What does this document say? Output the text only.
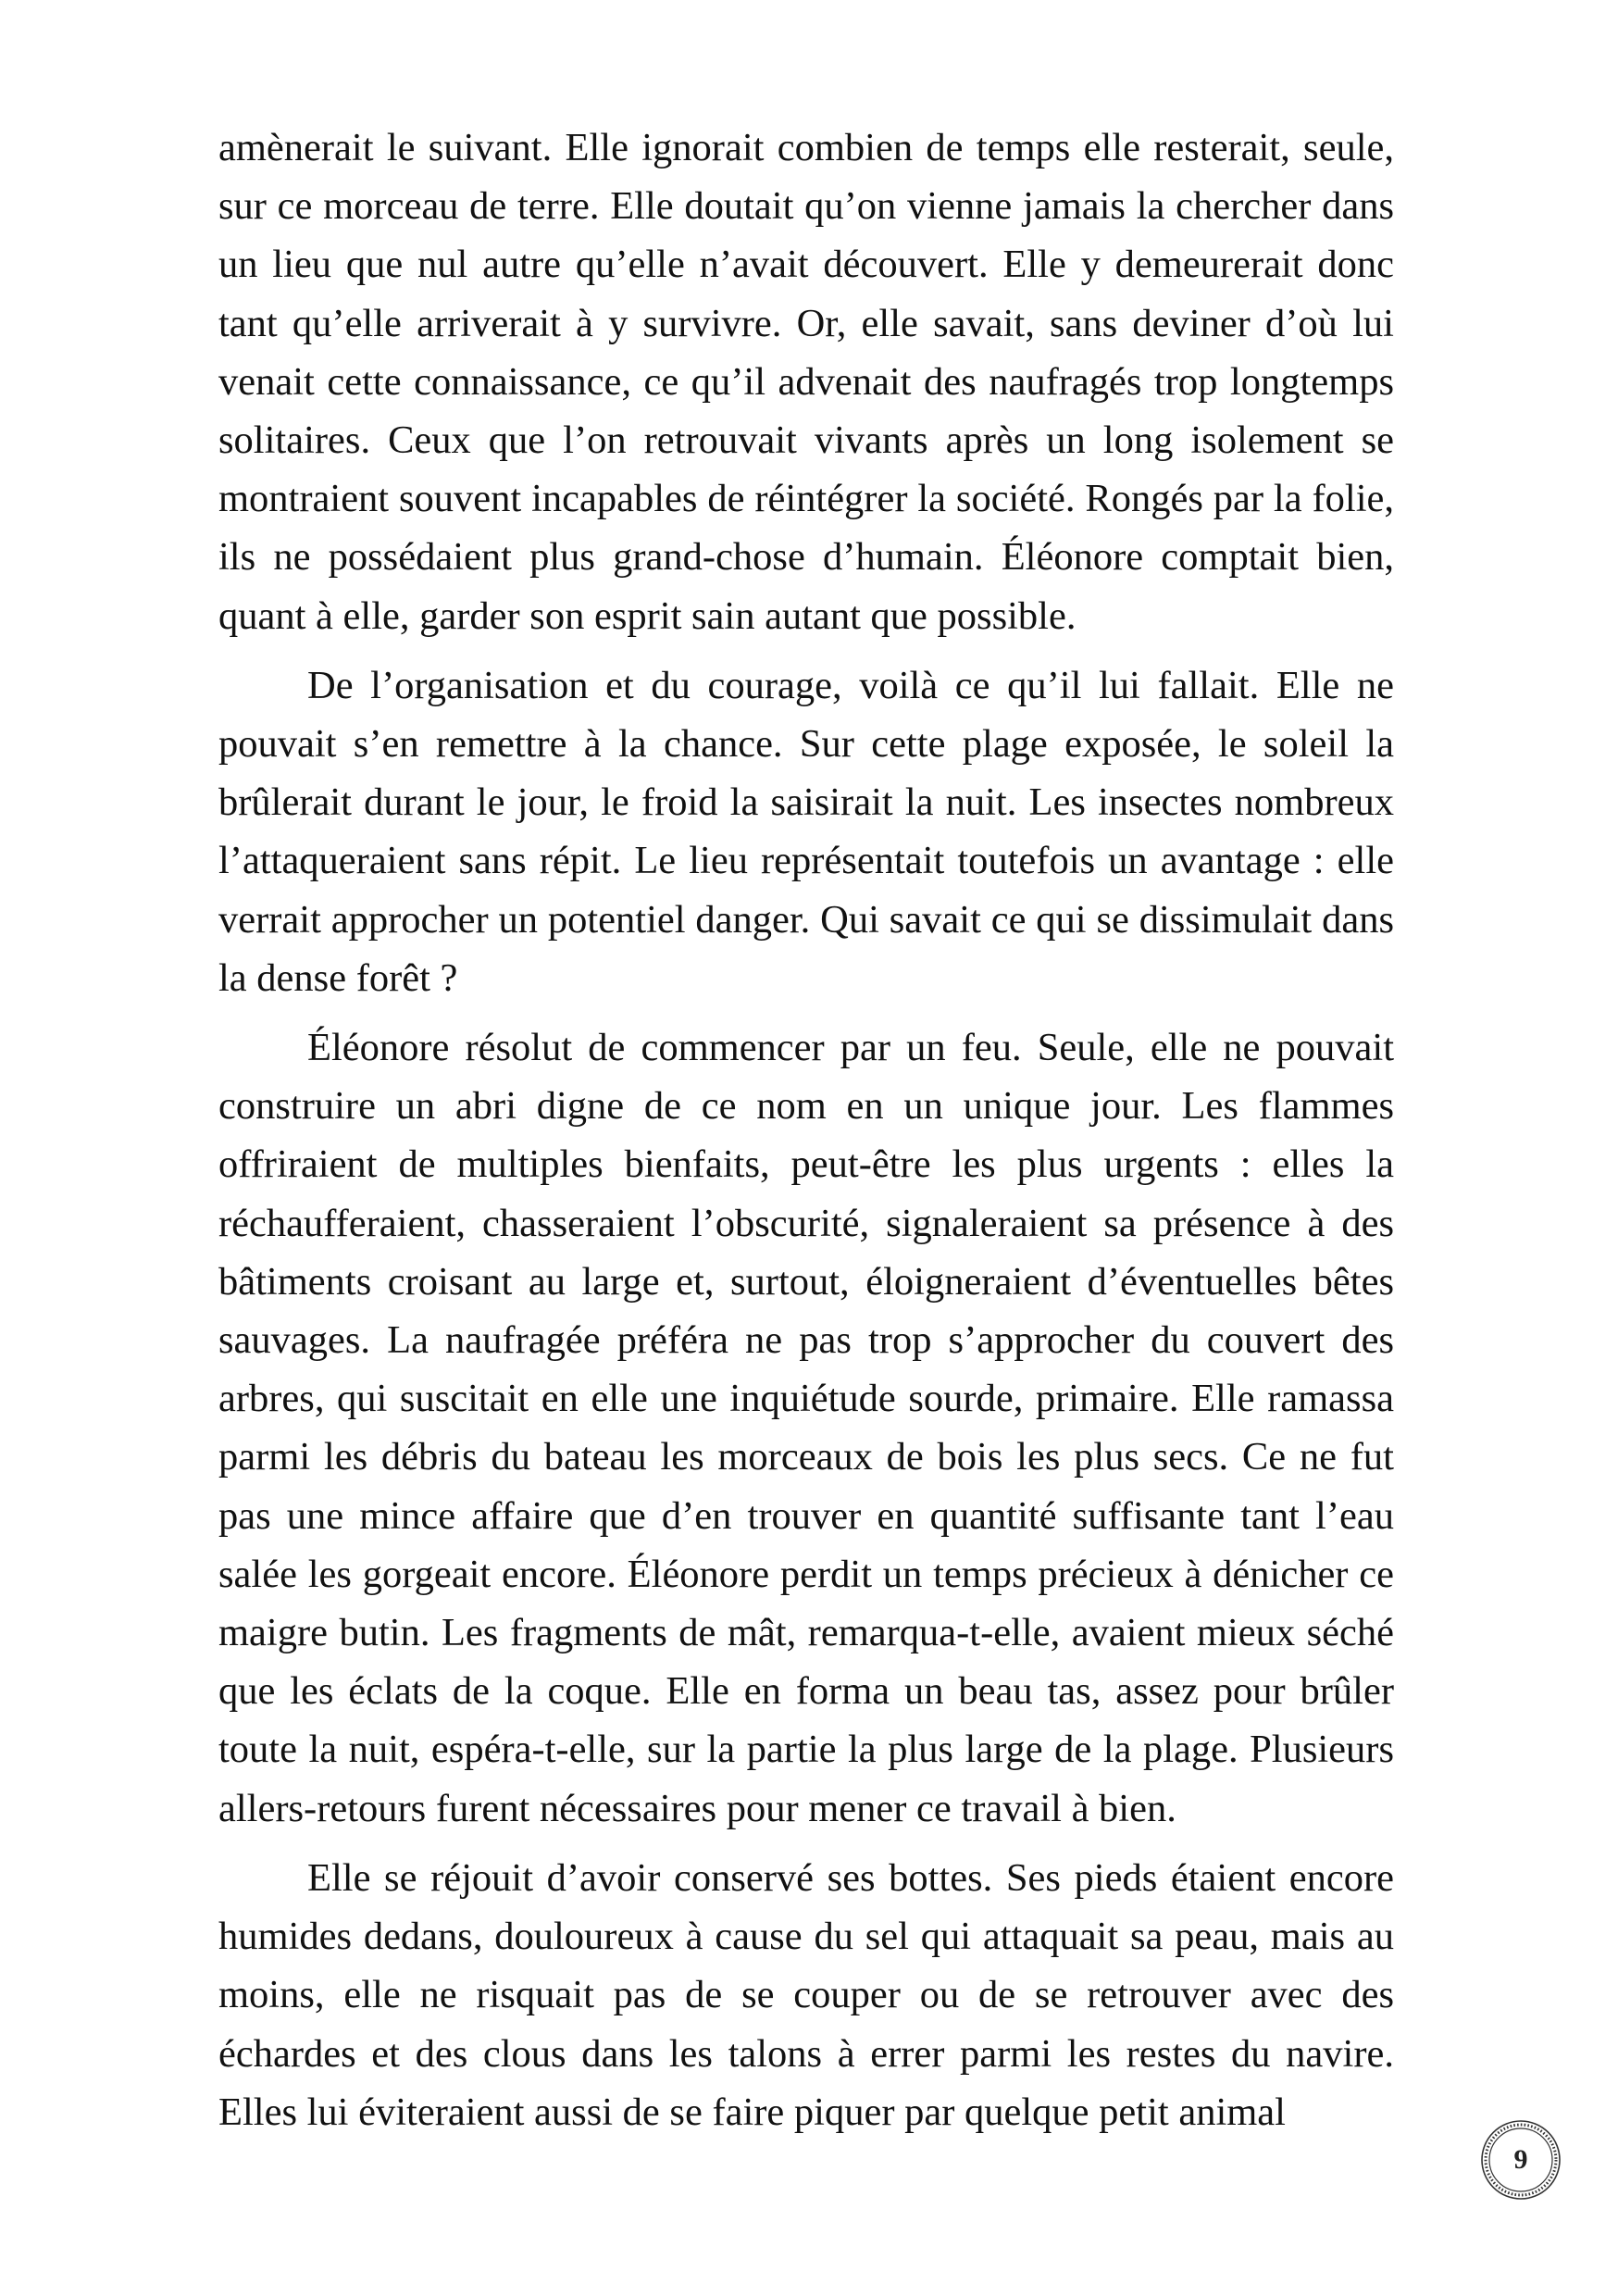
amènerait le suivant. Elle ignorait combien de temps elle resterait, seule, sur ce morceau de terre. Elle doutait qu’on vienne jamais la chercher dans un lieu que nul autre qu’elle n’avait découvert. Elle y demeurerait donc tant qu’elle arriverait à y survivre. Or, elle savait, sans deviner d’où lui venait cette connaissance, ce qu’il advenait des naufragés trop longtemps solitaires. Ceux que l’on retrouvait vivants après un long isolement se montraient souvent incapables de réintégrer la société. Rongés par la folie, ils ne possédaient plus grand-chose d’humain. Éléonore comptait bien, quant à elle, garder son esprit sain autant que possible.

De l’organisation et du courage, voilà ce qu’il lui fallait. Elle ne pouvait s’en remettre à la chance. Sur cette plage exposée, le soleil la brûlerait durant le jour, le froid la saisirait la nuit. Les insectes nombreux l’attaqueraient sans répit. Le lieu représentait toutefois un avantage : elle verrait approcher un potentiel danger. Qui savait ce qui se dissimulait dans la dense forêt ?

Éléonore résolut de commencer par un feu. Seule, elle ne pouvait construire un abri digne de ce nom en un unique jour. Les flammes offriraient de multiples bienfaits, peut-être les plus urgents : elles la réchaufferaient, chasseraient l’obscurité, signaleraient sa présence à des bâtiments croisant au large et, surtout, éloigneraient d’éventuelles bêtes sauvages. La naufragée préféra ne pas trop s’approcher du couvert des arbres, qui suscitait en elle une inquiétude sourde, primaire. Elle ramassa parmi les débris du bateau les morceaux de bois les plus secs. Ce ne fut pas une mince affaire que d’en trouver en quantité suffisante tant l’eau salée les gorgeait encore. Éléonore perdit un temps précieux à dénicher ce maigre butin. Les fragments de mât, remarqua-t-elle, avaient mieux séché que les éclats de la coque. Elle en forma un beau tas, assez pour brûler toute la nuit, espéra-t-elle, sur la partie la plus large de la plage. Plusieurs allers-retours furent nécessaires pour mener ce travail à bien.

Elle se réjouit d’avoir conservé ses bottes. Ses pieds étaient encore humides dedans, douloureux à cause du sel qui attaquait sa peau, mais au moins, elle ne risquait pas de se couper ou de se retrouver avec des échardes et des clous dans les talons à errer parmi les restes du navire. Elles lui éviteraient aussi de se faire piquer par quelque petit animal

9
